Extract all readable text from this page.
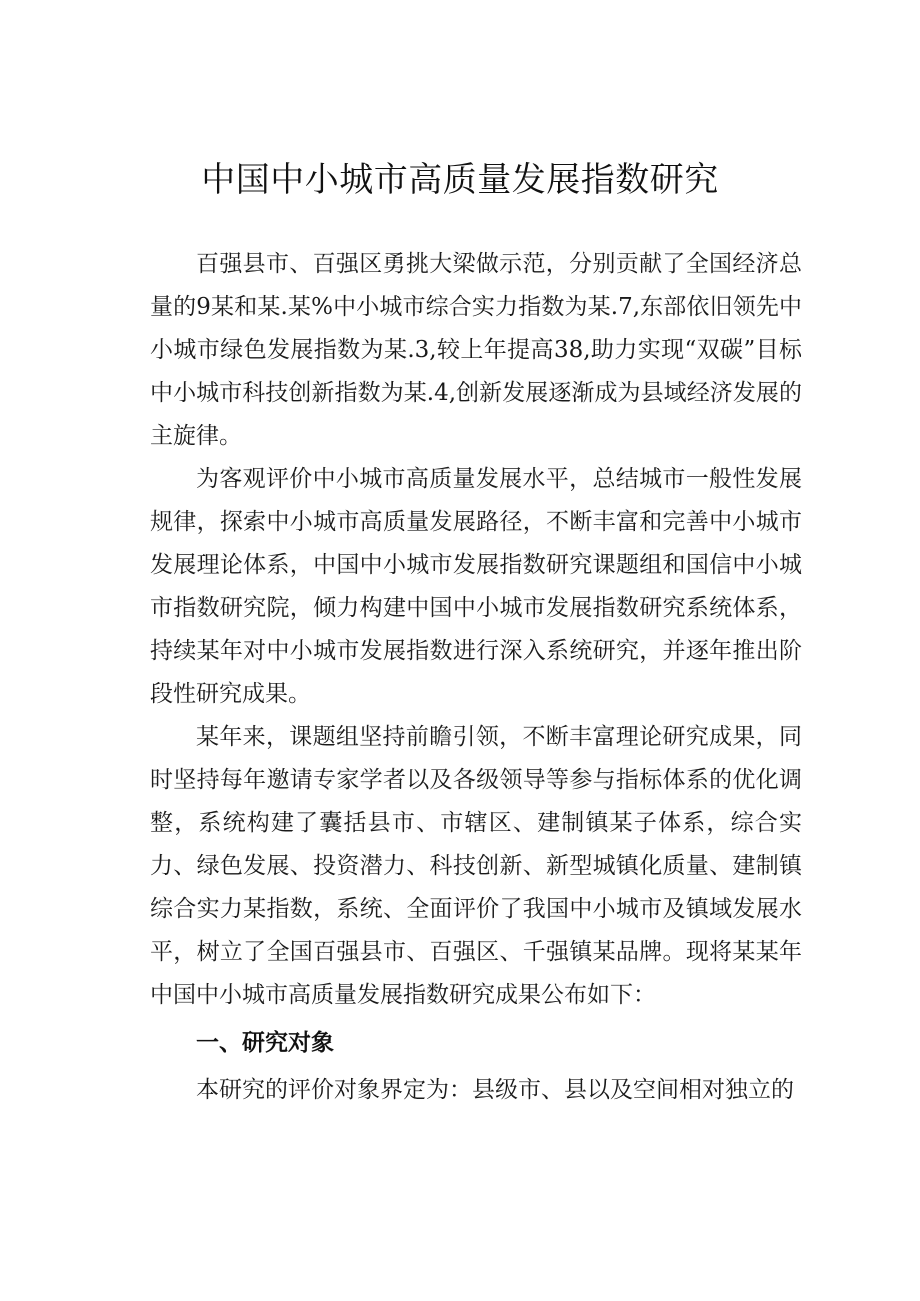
中国中小城市高质量发展指数研究

百强县市、百强区勇挑大梁做示范，分别贡献了全国经济总量的9某和某.某%中小城市综合实力指数为某.7,东部依旧领先中小城市绿色发展指数为某.3,较上年提高38,助力实现“双碳”目标中小城市科技创新指数为某.4,创新发展逐渐成为县域经济发展的主旋律。

为客观评价中小城市高质量发展水平，总结城市一般性发展规律，探索中小城市高质量发展路径，不断丰富和完善中小城市发展理论体系，中国中小城市发展指数研究课题组和国信中小城市指数研究院，倾力构建中国中小城市发展指数研究系统体系，持续某年对中小城市发展指数进行深入系统研究，并逐年推出阶段性研究成果。

某年来，课题组坚持前瞻引领，不断丰富理论研究成果，同时坚持每年邀请专家学者以及各级领导等参与指标体系的优化调整，系统构建了囊括县市、市辖区、建制镇某子体系，综合实力、绿色发展、投资潜力、科技创新、新型城镇化质量、建制镇综合实力某指数，系统、全面评价了我国中小城市及镇域发展水平，树立了全国百强县市、百强区、千强镇某品牌。现将某某年中国中小城市高质量发展指数研究成果公布如下：

一、研究对象

本研究的评价对象界定为：县级市、县以及空间相对独立的
